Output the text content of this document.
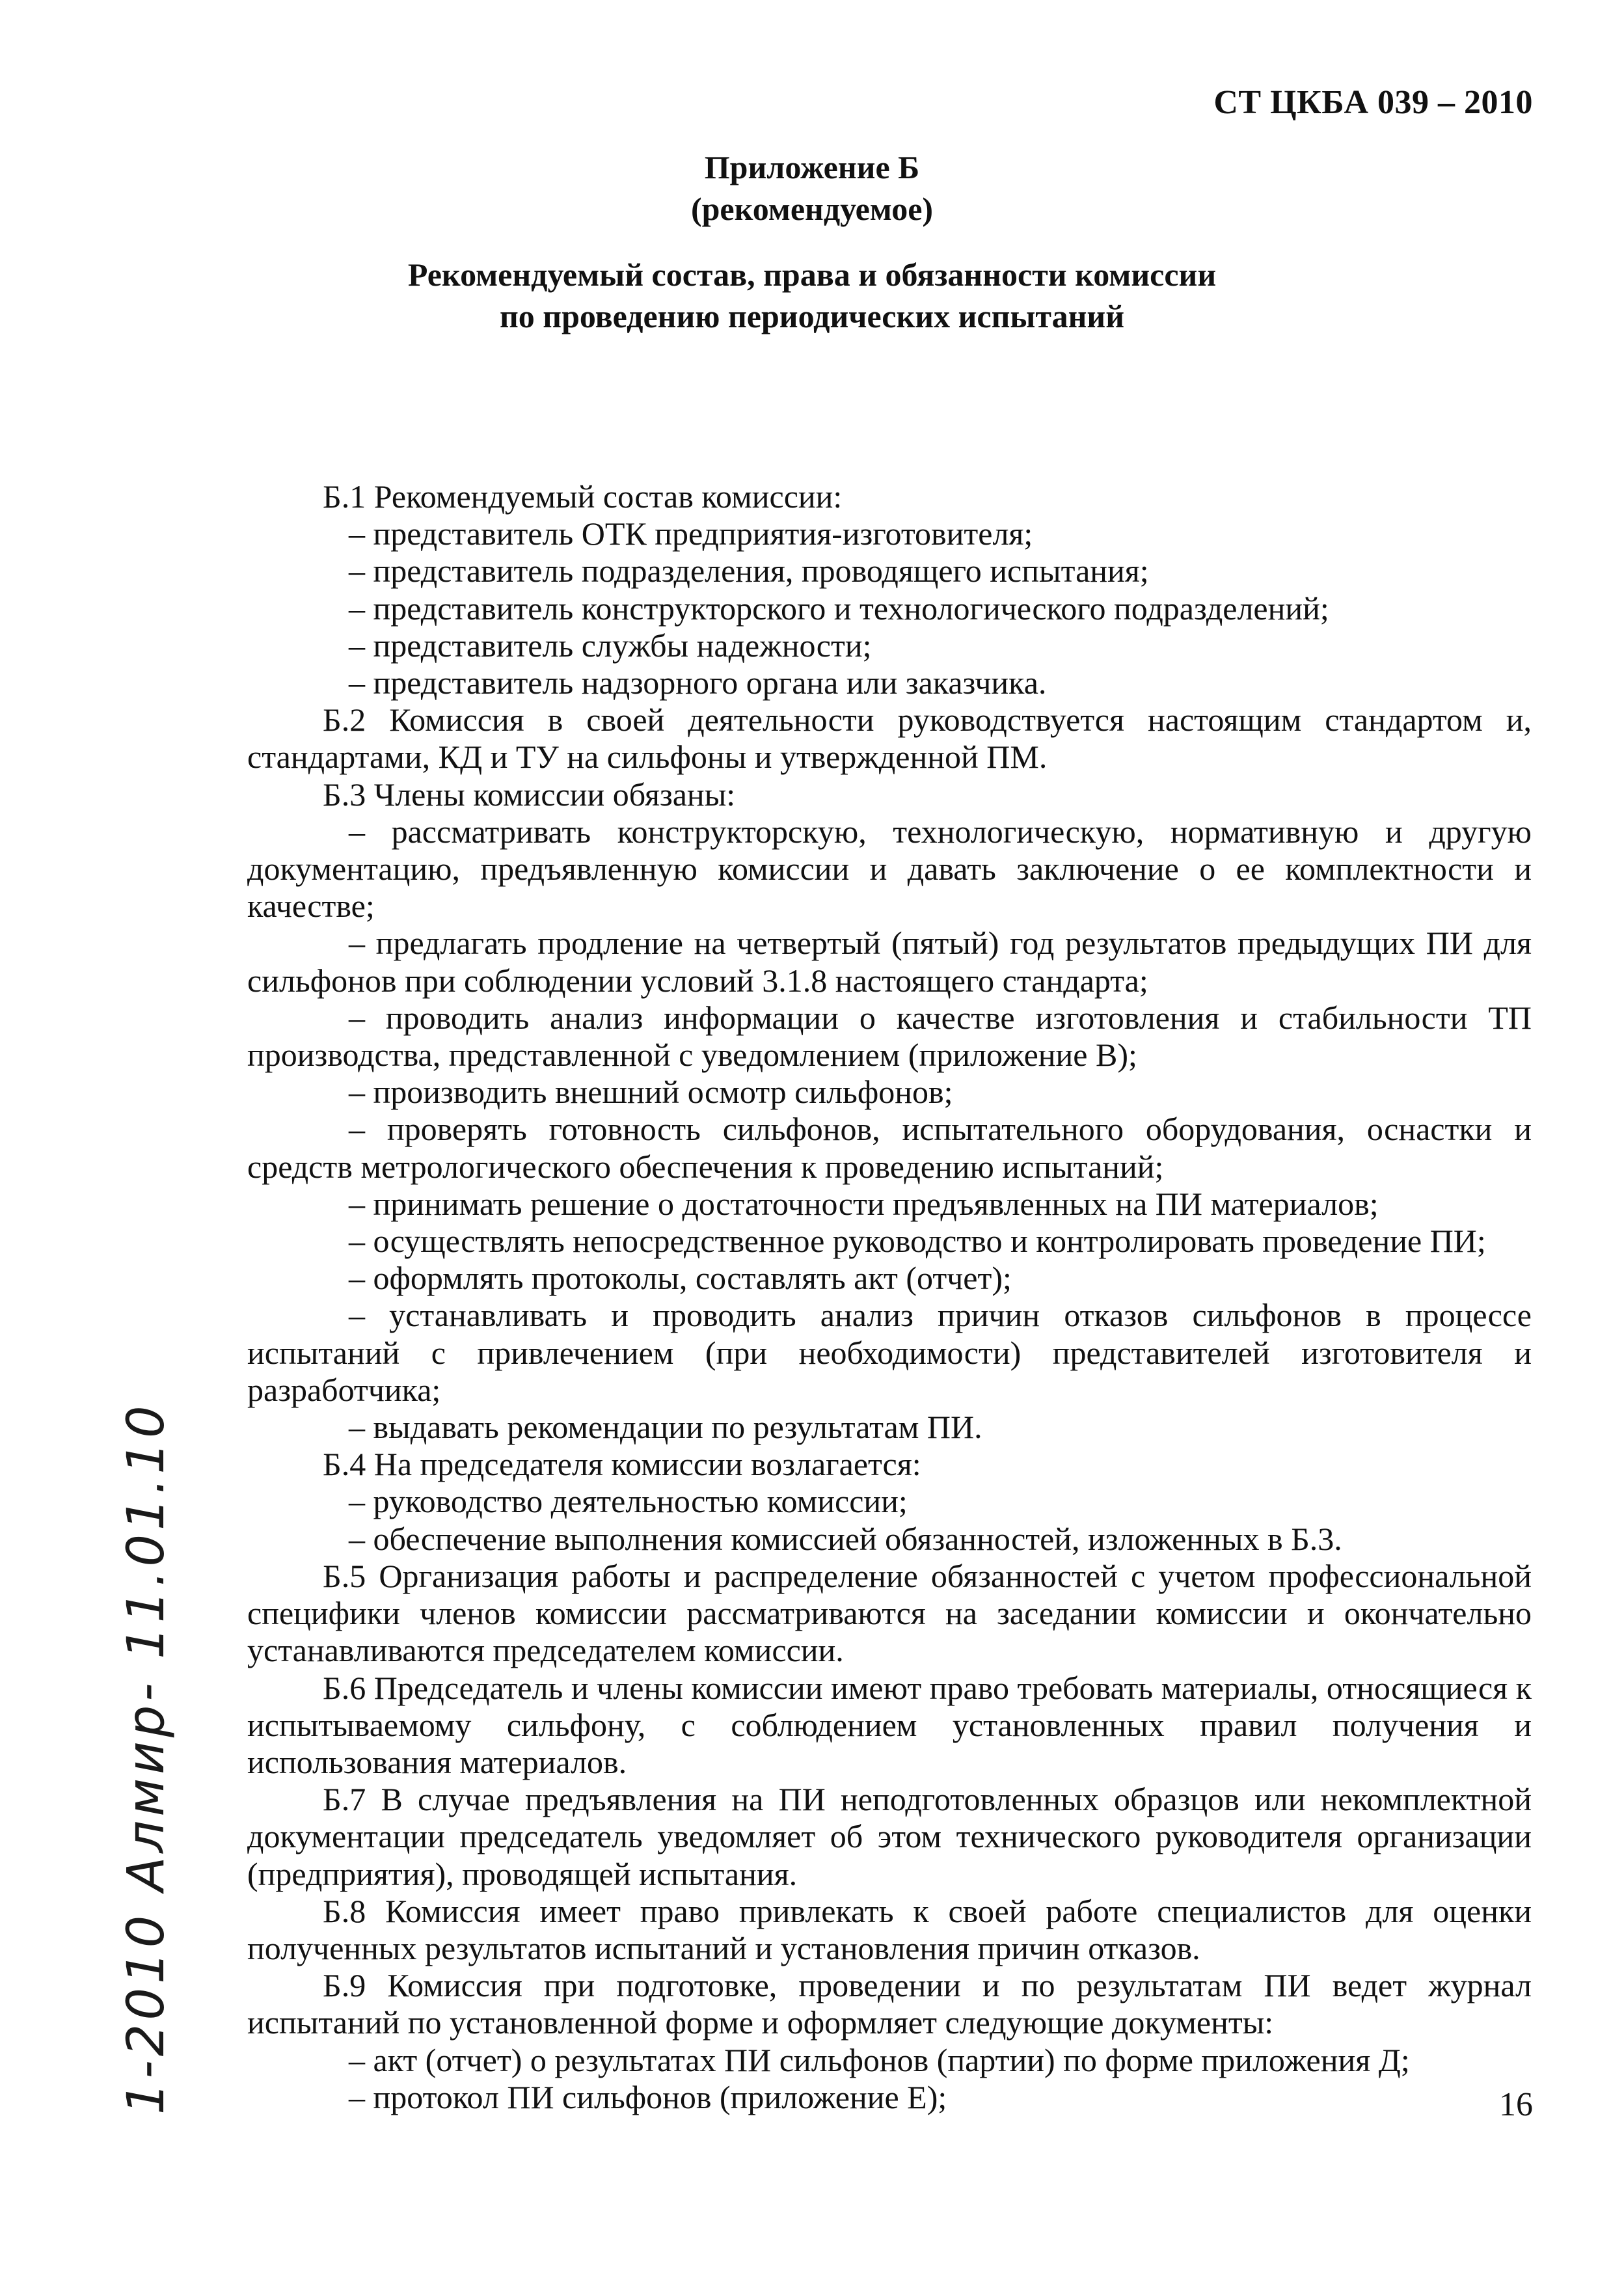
СТ ЦКБА 039 – 2010
Приложение Б
(рекомендуемое)
Рекомендуемый состав, права и обязанности комиссии
по проведению периодических испытаний

Б.1 Рекомендуемый состав комиссии:

– представитель ОТК предприятия-изготовителя;

– представитель подразделения, проводящего испытания;

– представитель конструкторского и технологического подразделений;

– представитель службы надежности;

– представитель надзорного органа или заказчика.

Б.2 Комиссия в своей деятельности руководствуется настоящим стандартом и, стандартами, КД и ТУ на сильфоны и утвержденной ПМ.

Б.3 Члены комиссии обязаны:

– рассматривать конструкторскую, технологическую, нормативную и другую документацию, предъявленную комиссии и давать заключение о ее комплектности и качестве;

– предлагать продление на четвертый (пятый) год результатов предыдущих ПИ для сильфонов при соблюдении условий 3.1.8 настоящего стандарта;

– проводить анализ информации о качестве изготовления и стабильности ТП производства, представленной с уведомлением (приложение В);

– производить внешний осмотр сильфонов;

– проверять готовность сильфонов, испытательного оборудования, оснастки и средств метрологического обеспечения к проведению испытаний;

– принимать решение о достаточности предъявленных на ПИ материалов;

– осуществлять непосредственное руководство и контролировать проведение ПИ;

– оформлять протоколы, составлять акт (отчет);

– устанавливать и проводить анализ причин отказов сильфонов в процессе испытаний с привлечением (при необходимости) представителей изготовителя и разработчика;

– выдавать рекомендации по результатам ПИ.

Б.4 На председателя комиссии возлагается:

– руководство деятельностью комиссии;

– обеспечение выполнения комиссией обязанностей, изложенных в Б.3.

Б.5 Организация работы и распределение обязанностей с учетом профессиональной специфики членов комиссии рассматриваются на заседании комиссии и окончательно устанавливаются председателем комиссии.

Б.6 Председатель и члены комиссии имеют право требовать материалы, относящиеся к испытываемому сильфону, с соблюдением установленных правил получения и использования материалов.

Б.7 В случае предъявления на ПИ неподготовленных образцов или некомплектной документации председатель уведомляет об этом технического руководителя организации (предприятия), проводящей испытания.

Б.8 Комиссия имеет право привлекать к своей работе специалистов для оценки полученных результатов испытаний и установления причин отказов.

Б.9 Комиссия при подготовке, проведении и по результатам ПИ ведет журнал испытаний по установленной форме и оформляет следующие документы:

– акт (отчет) о результатах ПИ сильфонов (партии) по форме приложения Д;

– протокол ПИ сильфонов (приложение Е);	16
1-2010 Алмир- 11.01.10
